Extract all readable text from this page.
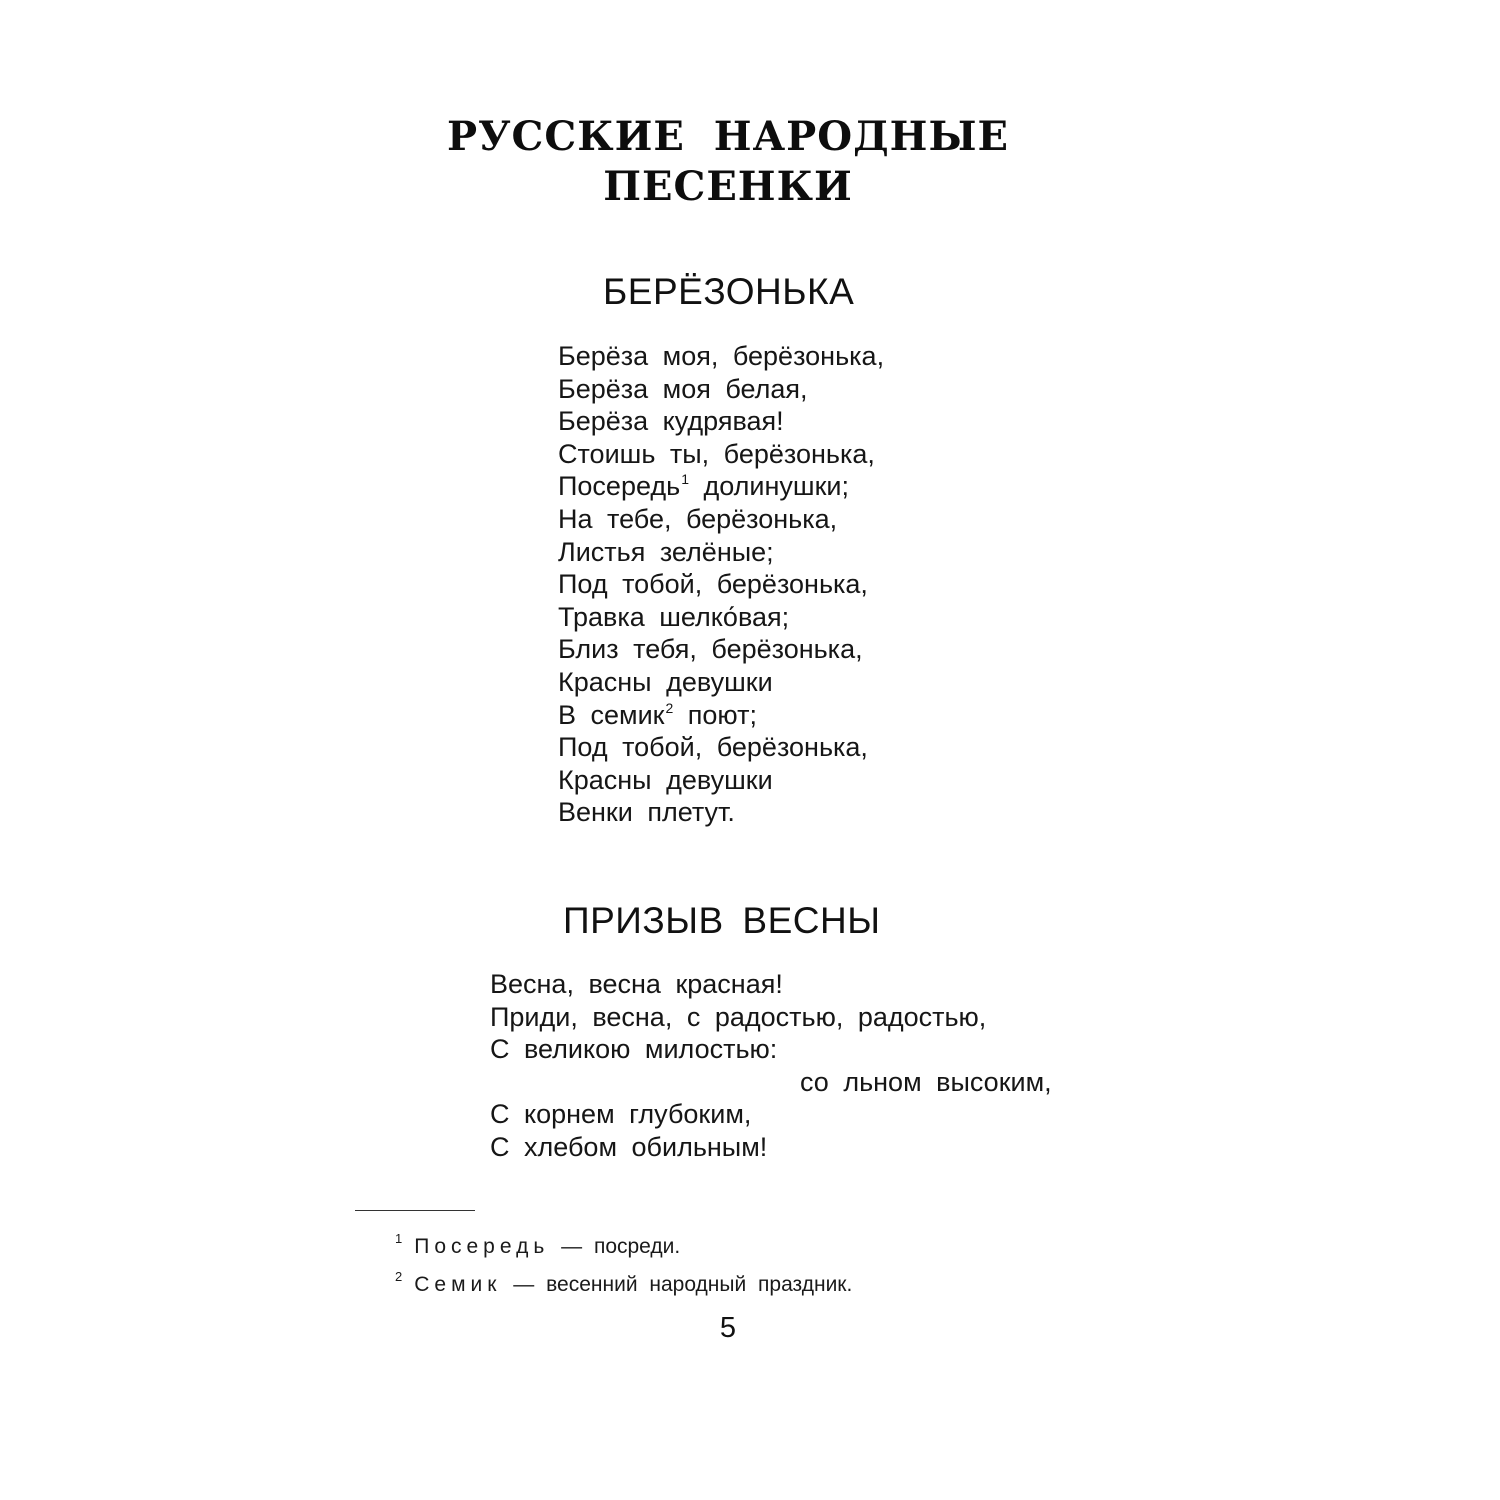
РУССКИЕ НАРОДНЫЕ
ПЕСЕНКИ
БЕРЁЗОНЬКА
Берёза моя, берёзонька,
Берёза моя белая,
Берёза кудрявая!
Стоишь ты, берёзонька,
Посередь$^1$ долинушки;
На тебе, берёзонька,
Листья зелёные;
Под тобой, берёзонька,
Травка шелко́вая;
Близ тебя, берёзонька,
Красны девушки
В семик$^2$ поют;
Под тобой, берёзонька,
Красны девушки
Венки плетут.
ПРИЗЫВ ВЕСНЫ
Весна, весна красная!
Приди, весна, с радостью, радостью,
С великою милостью:
со льном высоким,
С корнем глубоким,
С хлебом обильным!
$^1$ Посередь — посреди.
$^2$ Семик — весенний народный праздник.
5
